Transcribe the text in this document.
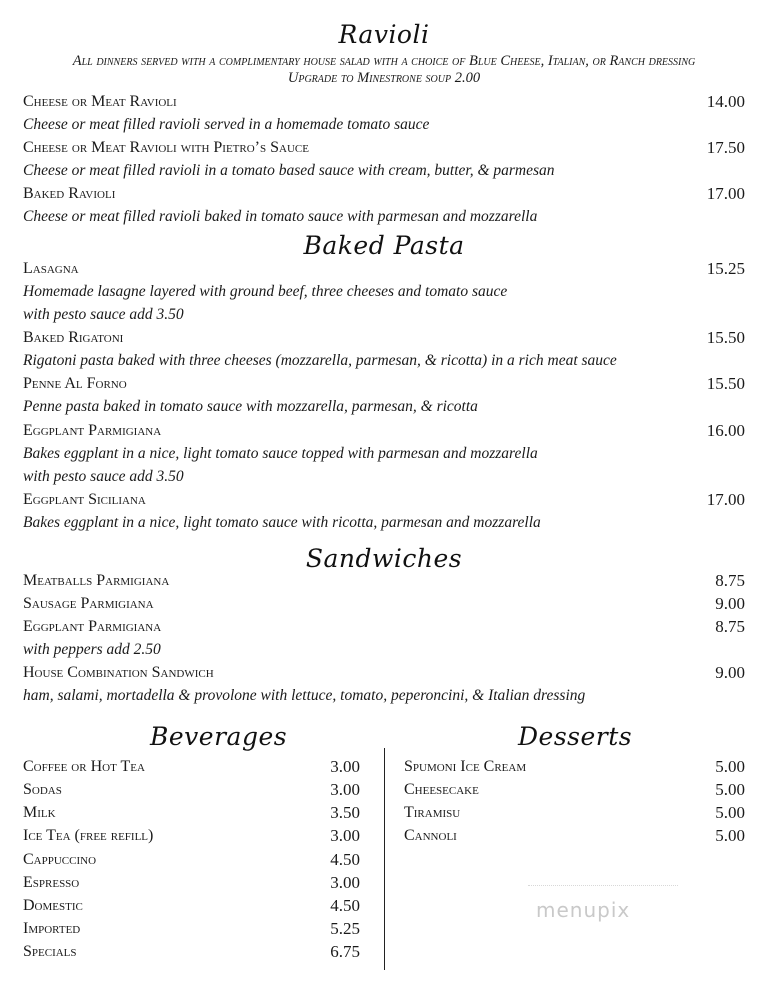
Ravioli
All dinners served with a complimentary house salad with a choice of Blue Cheese, Italian, or Ranch dressing
Upgrade to Minestrone soup 2.00
Cheese or Meat Ravioli	14.00
Cheese or meat filled ravioli served in a homemade tomato sauce
Cheese or Meat Ravioli with Pietro’s Sauce	17.50
Cheese or meat filled ravioli in a tomato based sauce with cream, butter, & parmesan
Baked Ravioli	17.00
Cheese or meat filled ravioli baked in tomato sauce with parmesan and mozzarella
Baked Pasta
Lasagna	15.25
Homemade lasagne layered with ground beef, three cheeses and tomato sauce
with pesto sauce add 3.50
Baked Rigatoni	15.50
Rigatoni pasta baked with three cheeses (mozzarella, parmesan, & ricotta) in a rich meat sauce
Penne Al Forno	15.50
Penne pasta baked in tomato sauce with mozzarella, parmesan, & ricotta
Eggplant Parmigiana	16.00
Bakes eggplant in a nice, light tomato sauce topped with parmesan and mozzarella
with pesto sauce add 3.50
Eggplant Siciliana	17.00
Bakes eggplant in a nice, light tomato sauce with ricotta, parmesan and mozzarella
Sandwiches
Meatballs Parmigiana	8.75
Sausage Parmigiana	9.00
Eggplant Parmigiana	8.75
with peppers add 2.50
House Combination Sandwich	9.00
ham, salami, mortadella & provolone with lettuce, tomato, peperoncini, & Italian dressing
Beverages
Coffee or Hot Tea	3.00
Sodas	3.00
Milk	3.50
Ice Tea (free refill)	3.00
Cappuccino	4.50
Espresso	3.00
Domestic	4.50
Imported	5.25
Specials	6.75
Desserts
Spumoni Ice Cream	5.00
Cheesecake	5.00
Tiramisu	5.00
Cannoli	5.00
menupix
